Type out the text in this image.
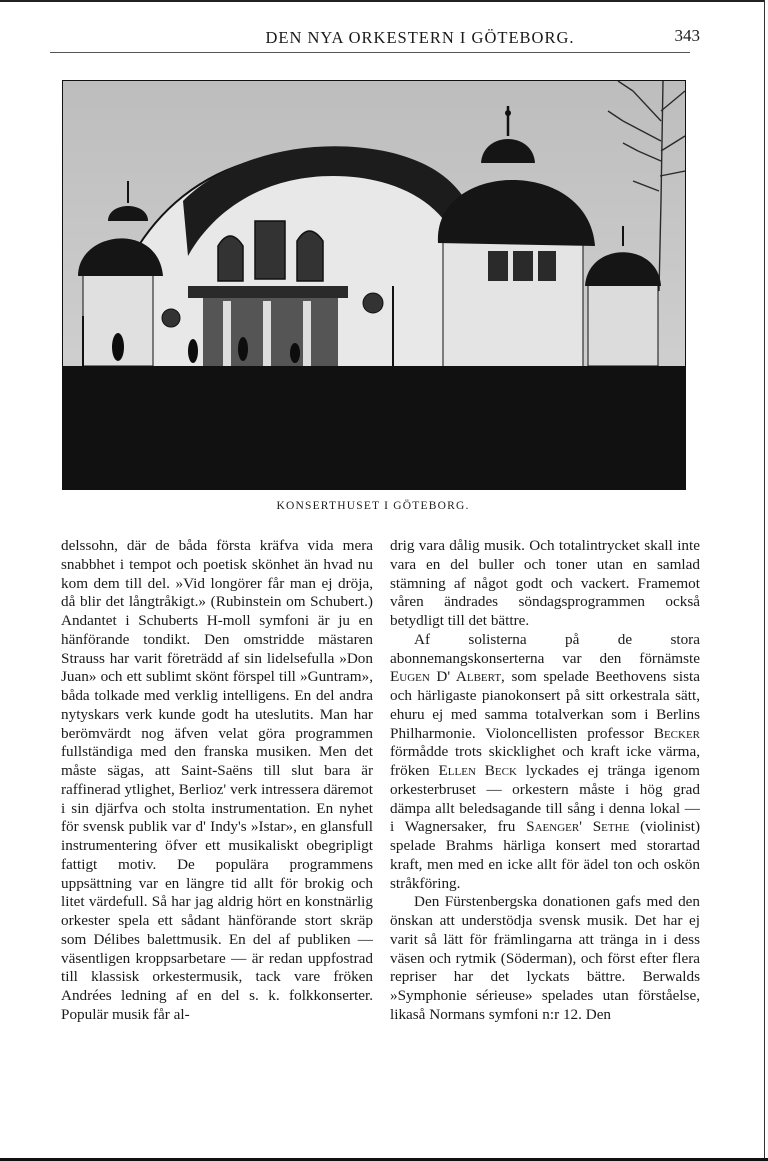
DEN NYA ORKESTERN I GÖTEBORG.	343
KONSERTHUSET I GÖTEBORG.

delssohn, där de båda första kräfva vida mera snabbhet i tempot och poetisk skönhet än hvad nu kom dem till del. »Vid longörer får man ej dröja, då blir det långtråkigt.» (Rubinstein om Schubert.) Andantet i Schuberts H-moll symfoni är ju en hänförande tondikt. Den omstridde mästaren Strauss har varit företrädd af sin lidelsefulla »Don Juan» och ett sublimt skönt förspel till »Guntram», båda tolkade med verklig intelligens. En del andra nytyskars verk kunde godt ha uteslutits. Man har berömvärdt nog äfven velat göra programmen fullständiga med den franska musiken. Men det måste sägas, att Saint-Saëns till slut bara är raffinerad ytlighet, Berlioz' verk intressera däremot i sin djärfva och stolta instrumentation. En nyhet för svensk publik var d' Indy's »Istar», en glansfull instrumentering öfver ett musikaliskt obegripligt fattigt motiv. De populära programmens uppsättning var en längre tid allt för brokig och litet värdefull. Så har jag aldrig hört en konstnärlig orkester spela ett sådant hänförande stort skräp som Délibes balettmusik. En del af publiken — väsentligen kroppsarbetare — är redan uppfostrad till klassisk orkestermusik, tack vare fröken Andrées ledning af en del s. k. folkkonserter. Populär musik får al-

drig vara dålig musik. Och totalintrycket skall inte vara en del buller och toner utan en samlad stämning af något godt och vackert. Framemot våren ändrades söndagsprogrammen också betydligt till det bättre.

Af solisterna på de stora abonnemangskonserterna var den förnämste Eugen D' Albert, som spelade Beethovens sista och härligaste pianokonsert på sitt orkestrala sätt, ehuru ej med samma totalverkan som i Berlins Philharmonie. Violoncellisten professor Becker förmådde trots skicklighet och kraft icke värma, fröken Ellen Beck lyckades ej tränga igenom orkesterbruset — orkestern måste i hög grad dämpa allt beledsagande till sång i denna lokal — i Wagnersaker, fru Saenger' Sethe (violinist) spelade Brahms härliga konsert med storartad kraft, men med en icke allt för ädel ton och oskön stråkföring.

Den Fürstenbergska donationen gafs med den önskan att understödja svensk musik. Det har ej varit så lätt för främlingarna att tränga in i dess väsen och rytmik (Söderman), och först efter flera repriser har det lyckats bättre. Berwalds »Symphonie sérieuse» spelades utan förståelse, likaså Normans symfoni n:r 12. Den
